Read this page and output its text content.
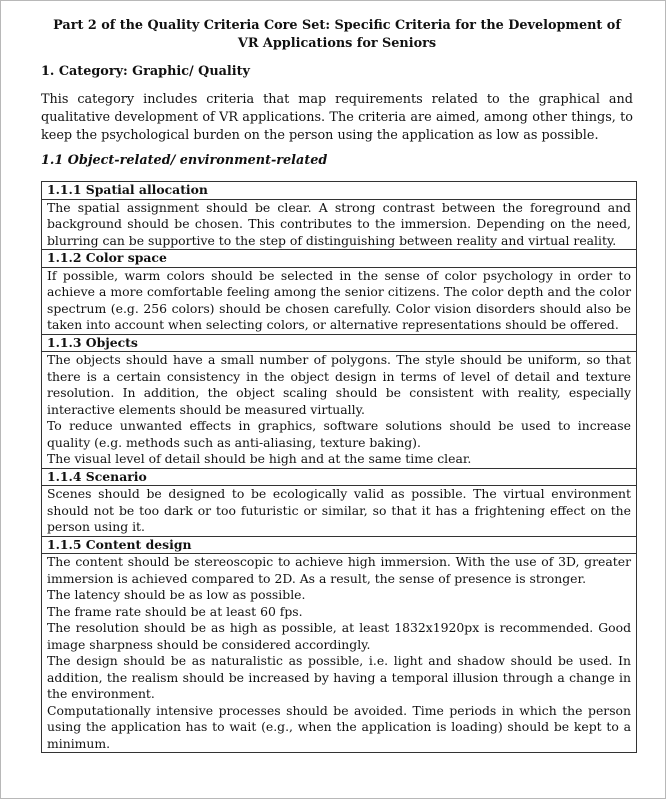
Part 2 of the Quality Criteria Core Set: Specific Criteria for the Development of VR Applications for Seniors
1. Category: Graphic/ Quality
This category includes criteria that map requirements related to the graphical and qualitative development of VR applications. The criteria are aimed, among other things, to keep the psychological burden on the person using the application as low as possible.
1.1 Object-related/ environment-related
1.1.1 Spatial allocation

The spatial assignment should be clear. A strong contrast between the foreground and background should be chosen. This contributes to the immersion. Depending on the need, blurring can be supportive to the step of distinguishing between reality and virtual reality.

1.1.2 Color space

If possible, warm colors should be selected in the sense of color psychology in order to achieve a more comfortable feeling among the senior citizens. The color depth and the color spectrum (e.g. 256 colors) should be chosen carefully. Color vision disorders should also be taken into account when selecting colors, or alternative representations should be offered.

1.1.3 Objects

The objects should have a small number of polygons. The style should be uniform, so that there is a certain consistency in the object design in terms of level of detail and texture resolution. In addition, the object scaling should be consistent with reality, especially interactive elements should be measured virtually.
To reduce unwanted effects in graphics, software solutions should be used to increase quality (e.g. methods such as anti-aliasing, texture baking).
The visual level of detail should be high and at the same time clear.

1.1.4 Scenario

Scenes should be designed to be ecologically valid as possible. The virtual environment should not be too dark or too futuristic or similar, so that it has a frightening effect on the person using it.

1.1.5 Content design

The content should be stereoscopic to achieve high immersion. With the use of 3D, greater immersion is achieved compared to 2D. As a result, the sense of presence is stronger.
The latency should be as low as possible.
The frame rate should be at least 60 fps.
The resolution should be as high as possible, at least 1832x1920px is recommended. Good image sharpness should be considered accordingly.
The design should be as naturalistic as possible, i.e. light and shadow should be used. In addition, the realism should be increased by having a temporal illusion through a change in the environment.
Computationally intensive processes should be avoided. Time periods in which the person using the application has to wait (e.g., when the application is loading) should be kept to a minimum.
